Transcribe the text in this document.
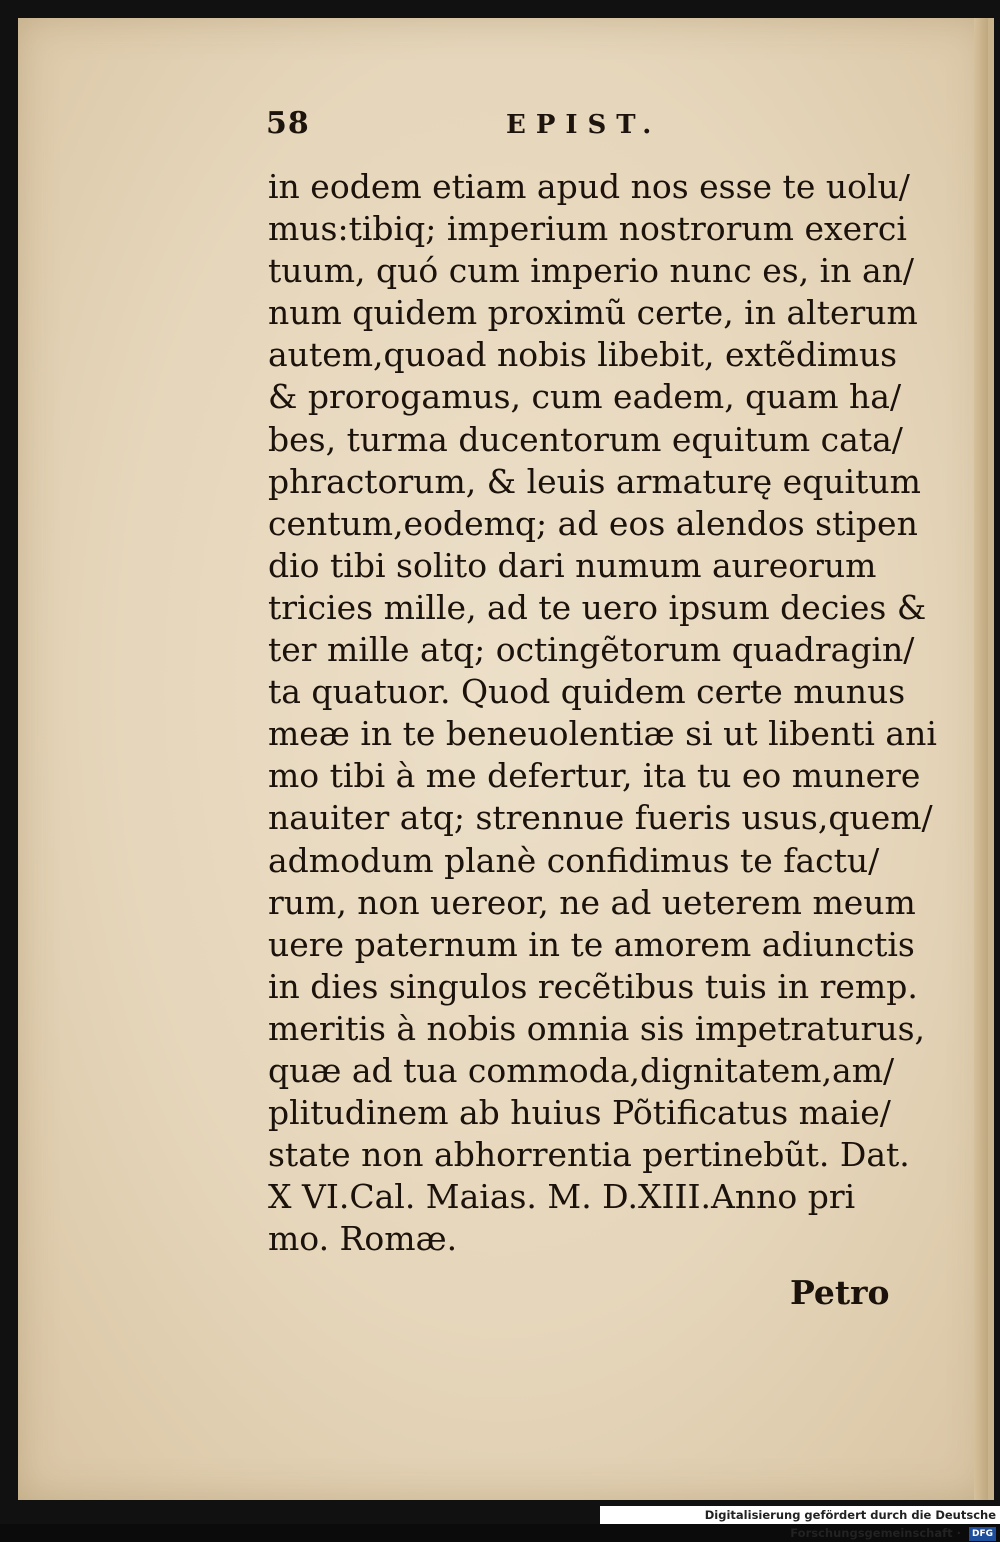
58	EPIST.
in eodem etiam apud nos esse te uolu/
mus:tibiq; imperium nostrorum exerci
tuum, quó cum imperio nunc es, in an/
num quidem proximũ certe, in alterum
autem,quoad nobis libebit, extẽdimus
& prorogamus, cum eadem, quam ha/
bes, turma ducentorum equitum cata/
phractorum, & leuis armaturę equitum
centum,eodemq; ad eos alendos stipen
dio tibi solito dari numum aureorum
tricies mille, ad te uero ipsum decies &
ter mille atq; octingẽtorum quadragin/
ta quatuor. Quod quidem certe munus
meæ in te beneuolentiæ si ut libenti ani
mo tibi à me defertur, ita tu eo munere
nauiter atq; strennue fueris usus,quem/
admodum planè confidimus te factu/
rum, non uereor, ne ad ueterem meum
uere paternum in te amorem adiunctis
in dies singulos recẽtibus tuis in remp.
meritis à nobis omnia sis impetraturus,
quæ ad tua commoda,dignitatem,am/
plitudinem ab huius Põtificatus maie/
state non abhorrentia pertinebũt. Dat.
X VI.Cal. Maias. M. D.XIII.Anno pri
mo. Romæ.
Petro
Digitalisierung gefördert durch die Deutsche Forschungsgemeinschaft · DFG
